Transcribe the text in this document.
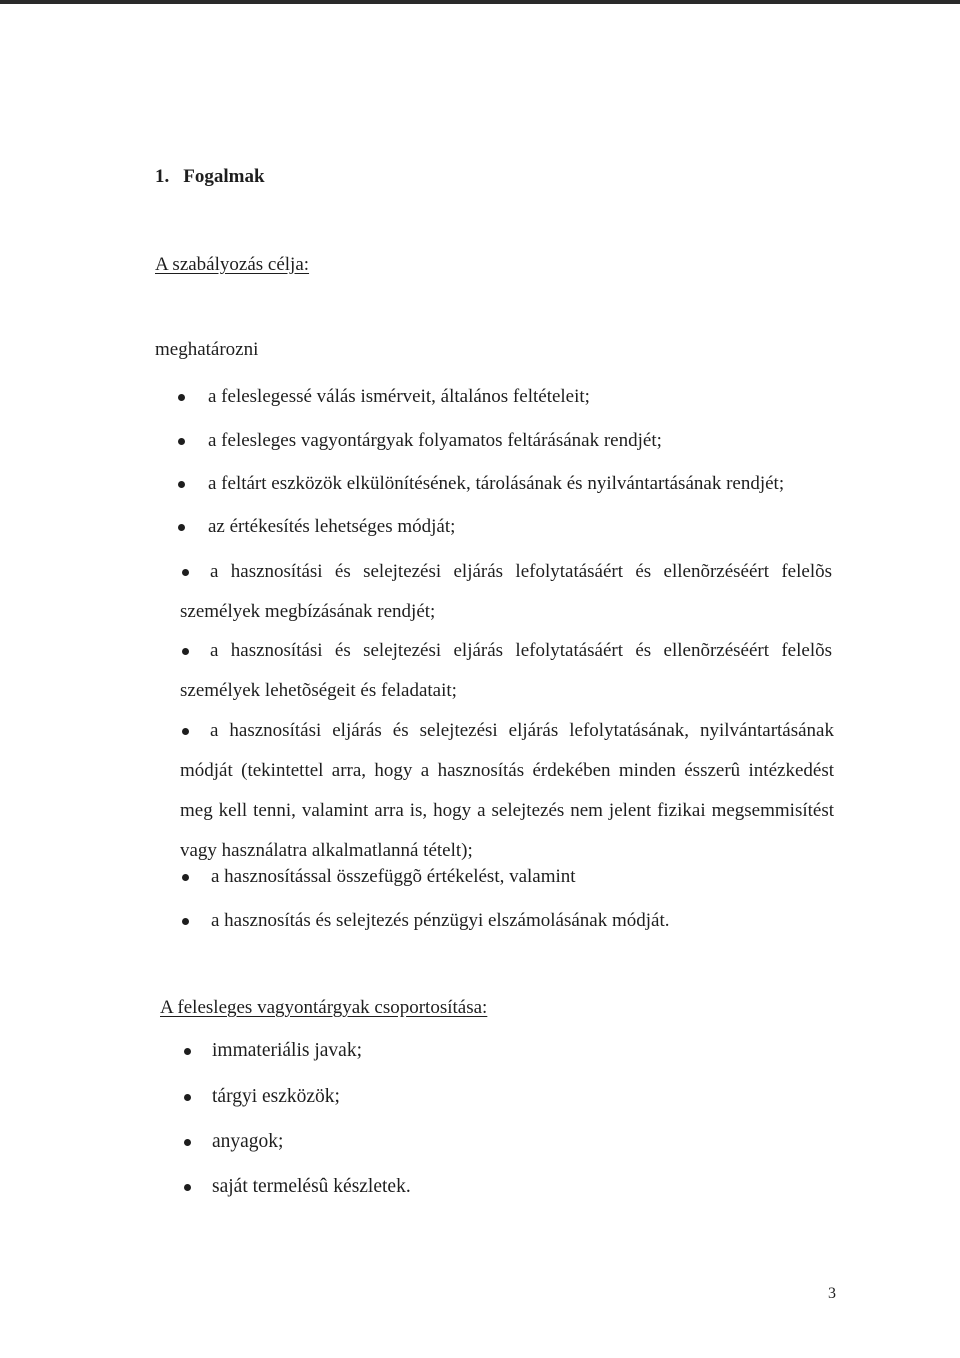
1. Fogalmak
A szabályozás célja:
meghatározni
a feleslegessé válás ismérveit, általános feltételeit;
a felesleges vagyontárgyak folyamatos feltárásának rendjét;
a feltárt eszközök elkülönítésének, tárolásának és nyilvántartásának rendjét;
az értékesítés lehetséges módját;
a hasznosítási és selejtezési eljárás lefolytatásáért és ellenõrzéséért felelõs személyek megbízásának rendjét;
a hasznosítási és selejtezési eljárás lefolytatásáért és ellenõrzéséért felelõs személyek lehetõségeit és feladatait;
a hasznosítási eljárás és selejtezési eljárás lefolytatásának, nyilvántartásának módját (tekintettel arra, hogy a hasznosítás érdekében minden ésszerû intézkedést meg kell tenni, valamint arra is, hogy a selejtezés nem jelent fizikai megsemmisítést vagy használatra alkalmatlanná tételt);
a hasznosítással összefüggõ értékelést, valamint
a hasznosítás és selejtezés pénzügyi elszámolásának módját.
A felesleges vagyontárgyak csoportosítása:
immateriális javak;
tárgyi eszközök;
anyagok;
saját termelésû készletek.
3
